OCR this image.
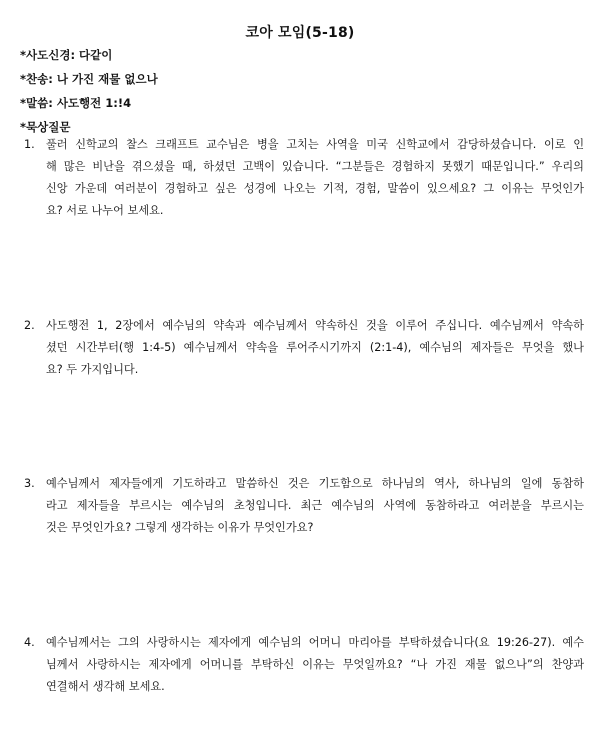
코아 모임(5-18)
*사도신경: 다같이
*찬송: 나 가진 재물 없으나
*말씀: 사도행전 1:!4
*묵상질문
1. 풀러 신학교의 찰스 크래프트 교수님은 병을 고치는 사역을 미국 신학교에서 감당하셨습니다. 이로 인
해 많은 비난을 겪으셨을 때, 하셨던 고백이 있습니다. “그분들은 경험하지 못했기 때문입니다.” 우리의
신앙 가운데 여러분이 경험하고 싶은 성경에 나오는 기적, 경험, 말씀이 있으세요? 그 이유는 무엇인가
요? 서로 나누어 보세요.
2. 사도행전 1, 2장에서 예수님의 약속과 예수님께서 약속하신 것을 이루어 주십니다. 예수님께서 약속하
셨던 시간부터(행 1:4-5) 예수님께서 약속을 루어주시기까지 (2:1-4), 예수님의 제자들은 무엇을 했나
요? 두 가지입니다.
3. 예수님께서 제자들에게 기도하라고 말씀하신 것은 기도함으로 하나님의 역사, 하나님의 일에 동참하
라고 제자들을 부르시는 예수님의 초청입니다. 최근 예수님의 사역에 동참하라고 여러분을 부르시는
것은 무엇인가요? 그렇게 생각하는 이유가 무엇인가요?
4. 예수님께서는 그의 사랑하시는 제자에게 예수님의 어머니 마리아를 부탁하셨습니다(요 19:26-27). 예수
님께서 사랑하시는 제자에게 어머니를 부탁하신 이유는 무엇일까요? “나 가진 재물 없으나”의 찬양과
연결해서 생각해 보세요.
